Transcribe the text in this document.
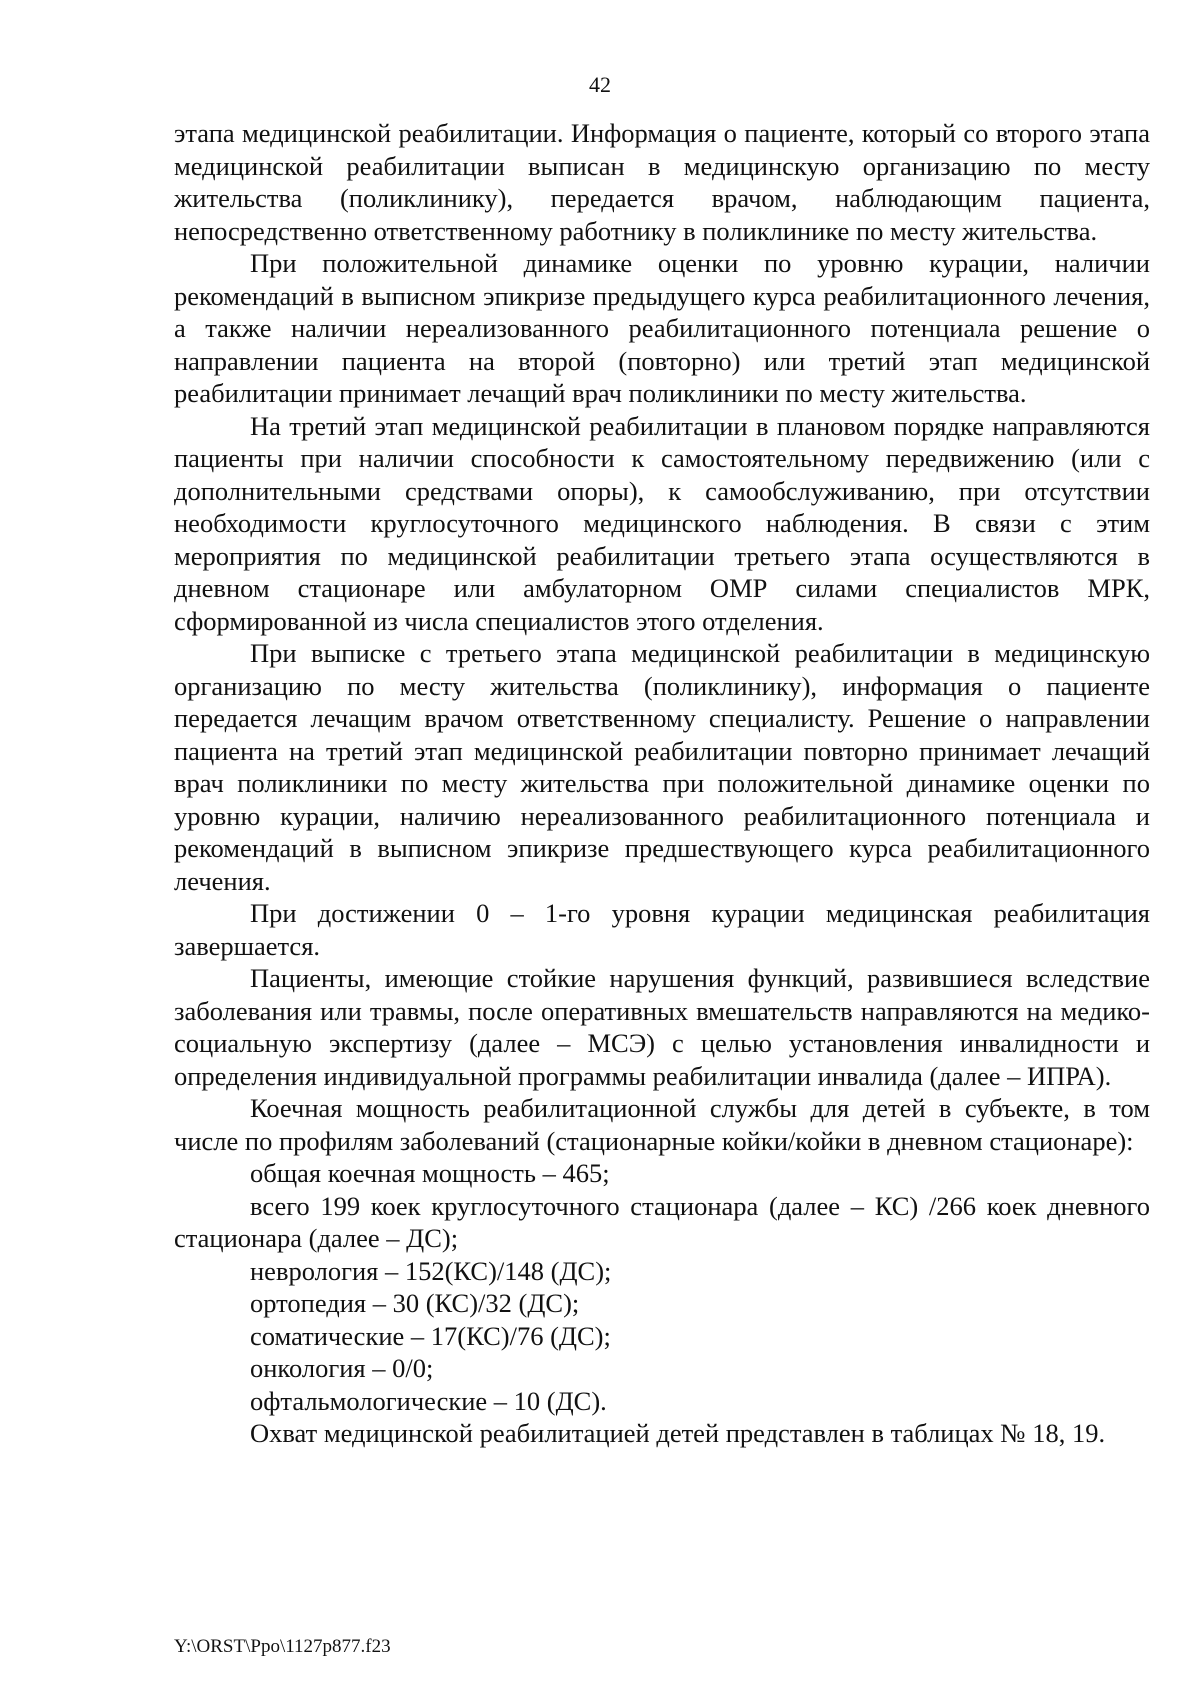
42

этапа медицинской реабилитации. Информация о пациенте, который со второго этапа медицинской реабилитации выписан в медицинскую организацию по месту жительства (поликлинику), передается врачом, наблюдающим пациента, непосредственно ответственному работнику в поликлинике по месту жительства.

При положительной динамике оценки по уровню курации, наличии рекомендаций в выписном эпикризе предыдущего курса реабилитационного лечения, а также наличии нереализованного реабилитационного потенциала решение о направлении пациента на второй (повторно) или третий этап медицинской реабилитации принимает лечащий врач поликлиники по месту жительства.

На третий этап медицинской реабилитации в плановом порядке направляются пациенты при наличии способности к самостоятельному передвижению (или с дополнительными средствами опоры), к самообслуживанию, при отсутствии необходимости круглосуточного медицинского наблюдения. В связи с этим мероприятия по медицинской реабилитации третьего этапа осуществляются в дневном стационаре или амбулаторном ОМР силами специалистов МРК, сформированной из числа специалистов этого отделения.

При выписке с третьего этапа медицинской реабилитации в медицинскую организацию по месту жительства (поликлинику), информация о пациенте передается лечащим врачом ответственному специалисту. Решение о направлении пациента на третий этап медицинской реабилитации повторно принимает лечащий врач поликлиники по месту жительства при положительной динамике оценки по уровню курации, наличию нереализованного реабилитационного потенциала и рекомендаций в выписном эпикризе предшествующего курса реабилитационного лечения.

При достижении 0 – 1-го уровня курации медицинская реабилитация завершается.

Пациенты, имеющие стойкие нарушения функций, развившиеся вследствие заболевания или травмы, после оперативных вмешательств направляются на медико-социальную экспертизу (далее – МСЭ) с целью установления инвалидности и определения индивидуальной программы реабилитации инвалида (далее – ИПРА).

Коечная мощность реабилитационной службы для детей в субъекте, в том числе по профилям заболеваний (стационарные койки/койки в дневном стационаре):

общая коечная мощность – 465;

всего 199 коек круглосуточного стационара (далее – КС) /266 коек дневного стационара (далее – ДС);

неврология – 152(КС)/148 (ДС);

ортопедия – 30 (КС)/32 (ДС);

соматические – 17(КС)/76 (ДС);

онкология – 0/0;

офтальмологические – 10 (ДС).

Охват медицинской реабилитацией детей представлен в таблицах № 18, 19.

Y:\ORST\Ppo\1127p877.f23
